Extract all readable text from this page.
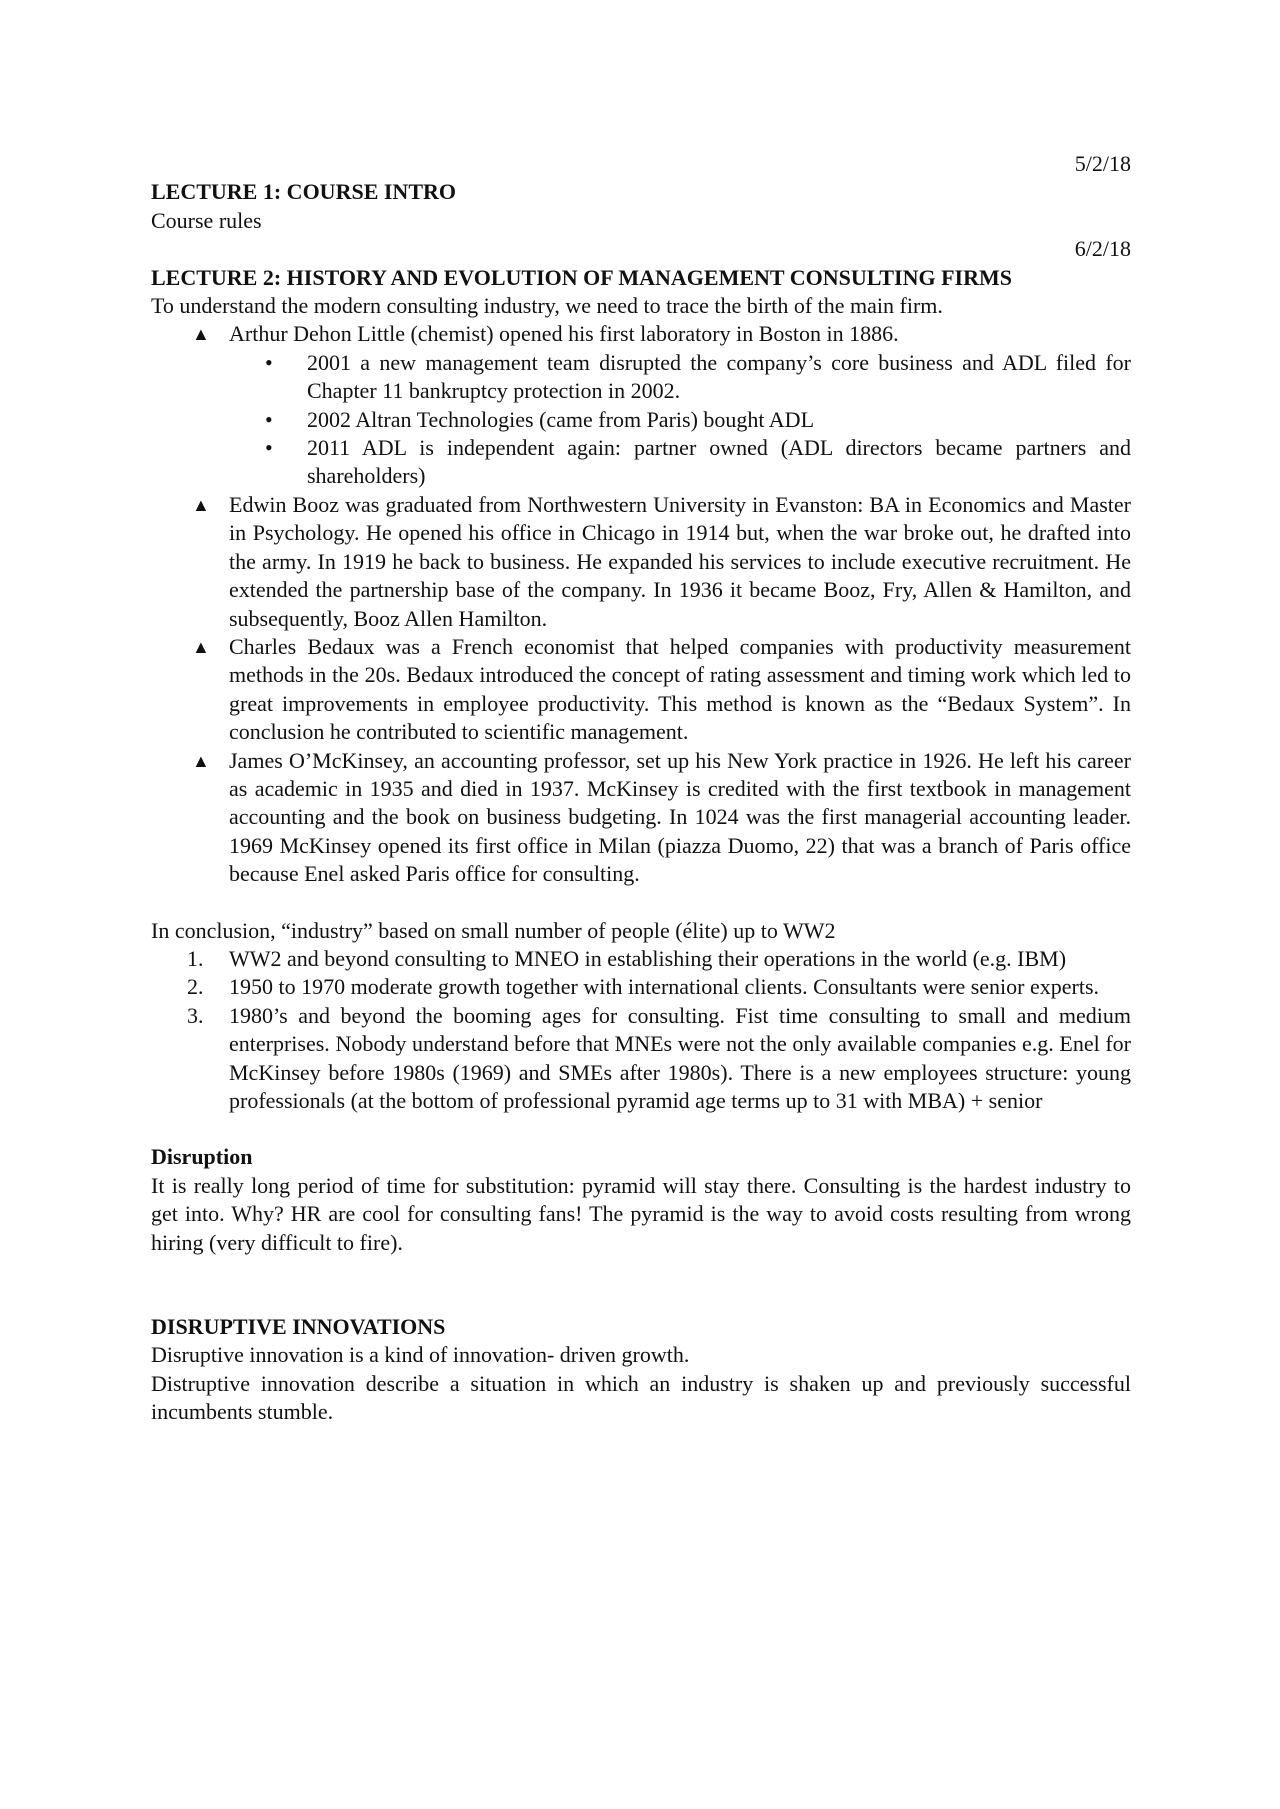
5/2/18

LECTURE 1: COURSE INTRO

Course rules

6/2/18

LECTURE 2: HISTORY AND EVOLUTION OF MANAGEMENT CONSULTING FIRMS

To understand the modern consulting industry, we need to trace the birth of the main firm.

▲ Arthur Dehon Little (chemist) opened his first laboratory in Boston in 1886.
• 2001 a new management team disrupted the company’s core business and ADL filed for Chapter 11 bankruptcy protection in 2002.
• 2002 Altran Technologies (came from Paris) bought ADL
• 2011 ADL is independent again: partner owned (ADL directors became partners and shareholders)
▲ Edwin Booz was graduated from Northwestern University in Evanston: BA in Economics and Master in Psychology. He opened his office in Chicago in 1914 but, when the war broke out, he drafted into the army. In 1919 he back to business. He expanded his services to include executive recruitment. He extended the partnership base of the company. In 1936 it became Booz, Fry, Allen & Hamilton, and subsequently, Booz Allen Hamilton.
▲ Charles Bedaux was a French economist that helped companies with productivity measurement methods in the 20s. Bedaux introduced the concept of rating assessment and timing work which led to great improvements in employee productivity. This method is known as the “Bedaux System”. In conclusion he contributed to scientific management.
▲ James O’McKinsey, an accounting professor, set up his New York practice in 1926. He left his career as academic in 1935 and died in 1937. McKinsey is credited with the first textbook in management accounting and the book on business budgeting. In 1024 was the first managerial accounting leader. 1969 McKinsey opened its first office in Milan (piazza Duomo, 22) that was a branch of Paris office because Enel asked Paris office for consulting.

In conclusion, “industry” based on small number of people (élite) up to WW2

1. WW2 and beyond consulting to MNEO in establishing their operations in the world (e.g. IBM)
2. 1950 to 1970 moderate growth together with international clients. Consultants were senior experts.
3. 1980’s and beyond the booming ages for consulting. Fist time consulting to small and medium enterprises. Nobody understand before that MNEs were not the only available companies e.g. Enel for McKinsey before 1980s (1969) and SMEs after 1980s). There is a new employees structure: young professionals (at the bottom of professional pyramid age terms up to 31 with MBA) + senior

Disruption

It is really long period of time for substitution: pyramid will stay there. Consulting is the hardest industry to get into. Why? HR are cool for consulting fans! The pyramid is the way to avoid costs resulting from wrong hiring (very difficult to fire).

DISRUPTIVE INNOVATIONS

Disruptive innovation is a kind of innovation- driven growth.

Distruptive innovation describe a situation in which an industry is shaken up and previously successful incumbents stumble.
